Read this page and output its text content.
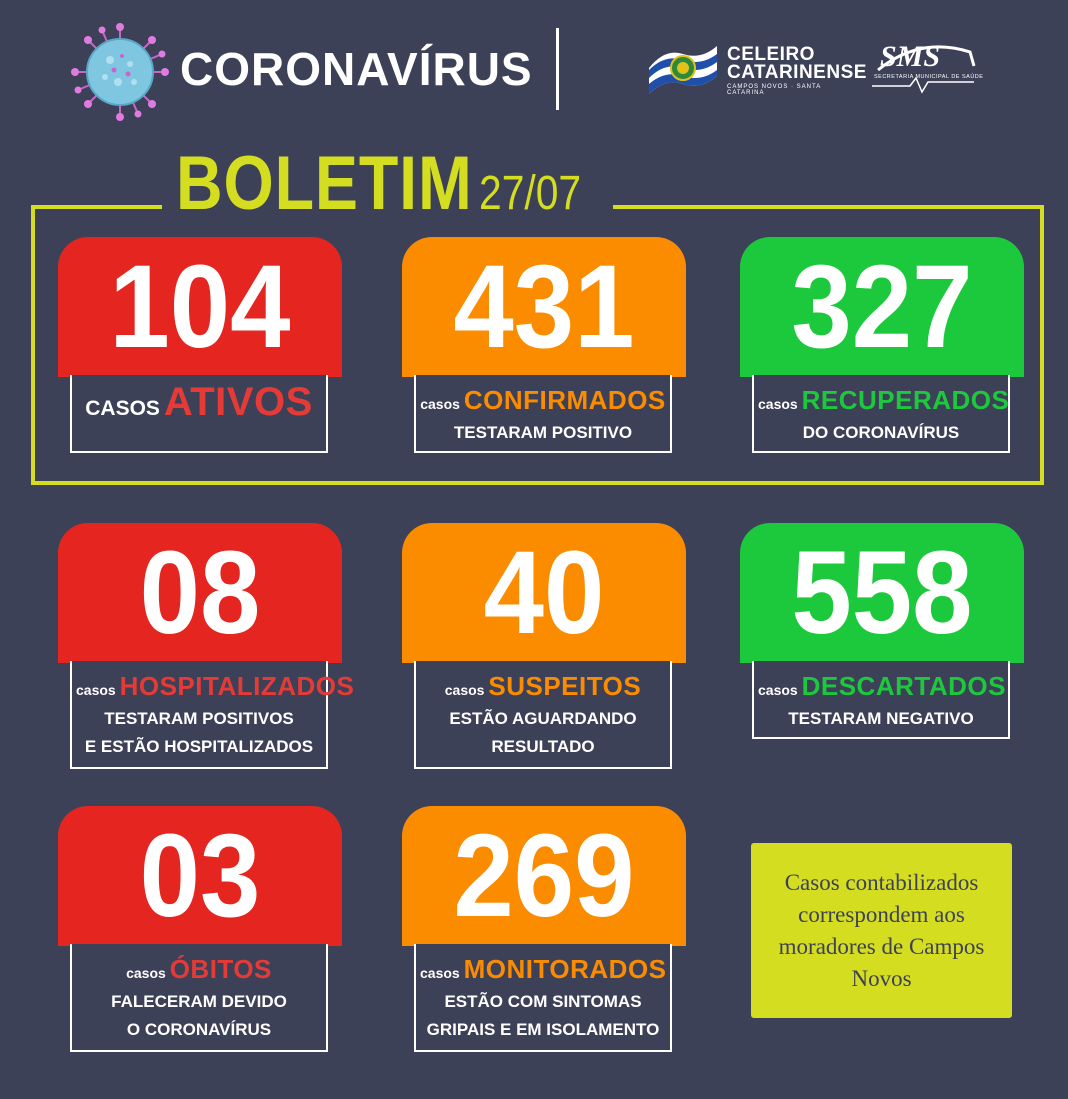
CORONAVÍRUS	CELEIRO
CATARINENSE
CAMPOS NOVOS · SANTA CATARINA
SMS
SECRETARIA MUNICIPAL DE SAÚDE
BOLETIM 27/07
104
CASOS ATIVOS
431
casos CONFIRMADOS
TESTARAM POSITIVO
327
casos RECUPERADOS
DO CORONAVÍRUS
08
casos HOSPITALIZADOS
TESTARAM POSITIVOS
E ESTÃO HOSPITALIZADOS
40
casos SUSPEITOS
ESTÃO AGUARDANDO
RESULTADO
558
casos DESCARTADOS
TESTARAM NEGATIVO
03
casos ÓBITOS
FALECERAM DEVIDO
O CORONAVÍRUS
269
casos MONITORADOS
ESTÃO COM SINTOMAS
GRIPAIS E EM ISOLAMENTO
Casos contabilizados correspondem aos moradores de Campos Novos
